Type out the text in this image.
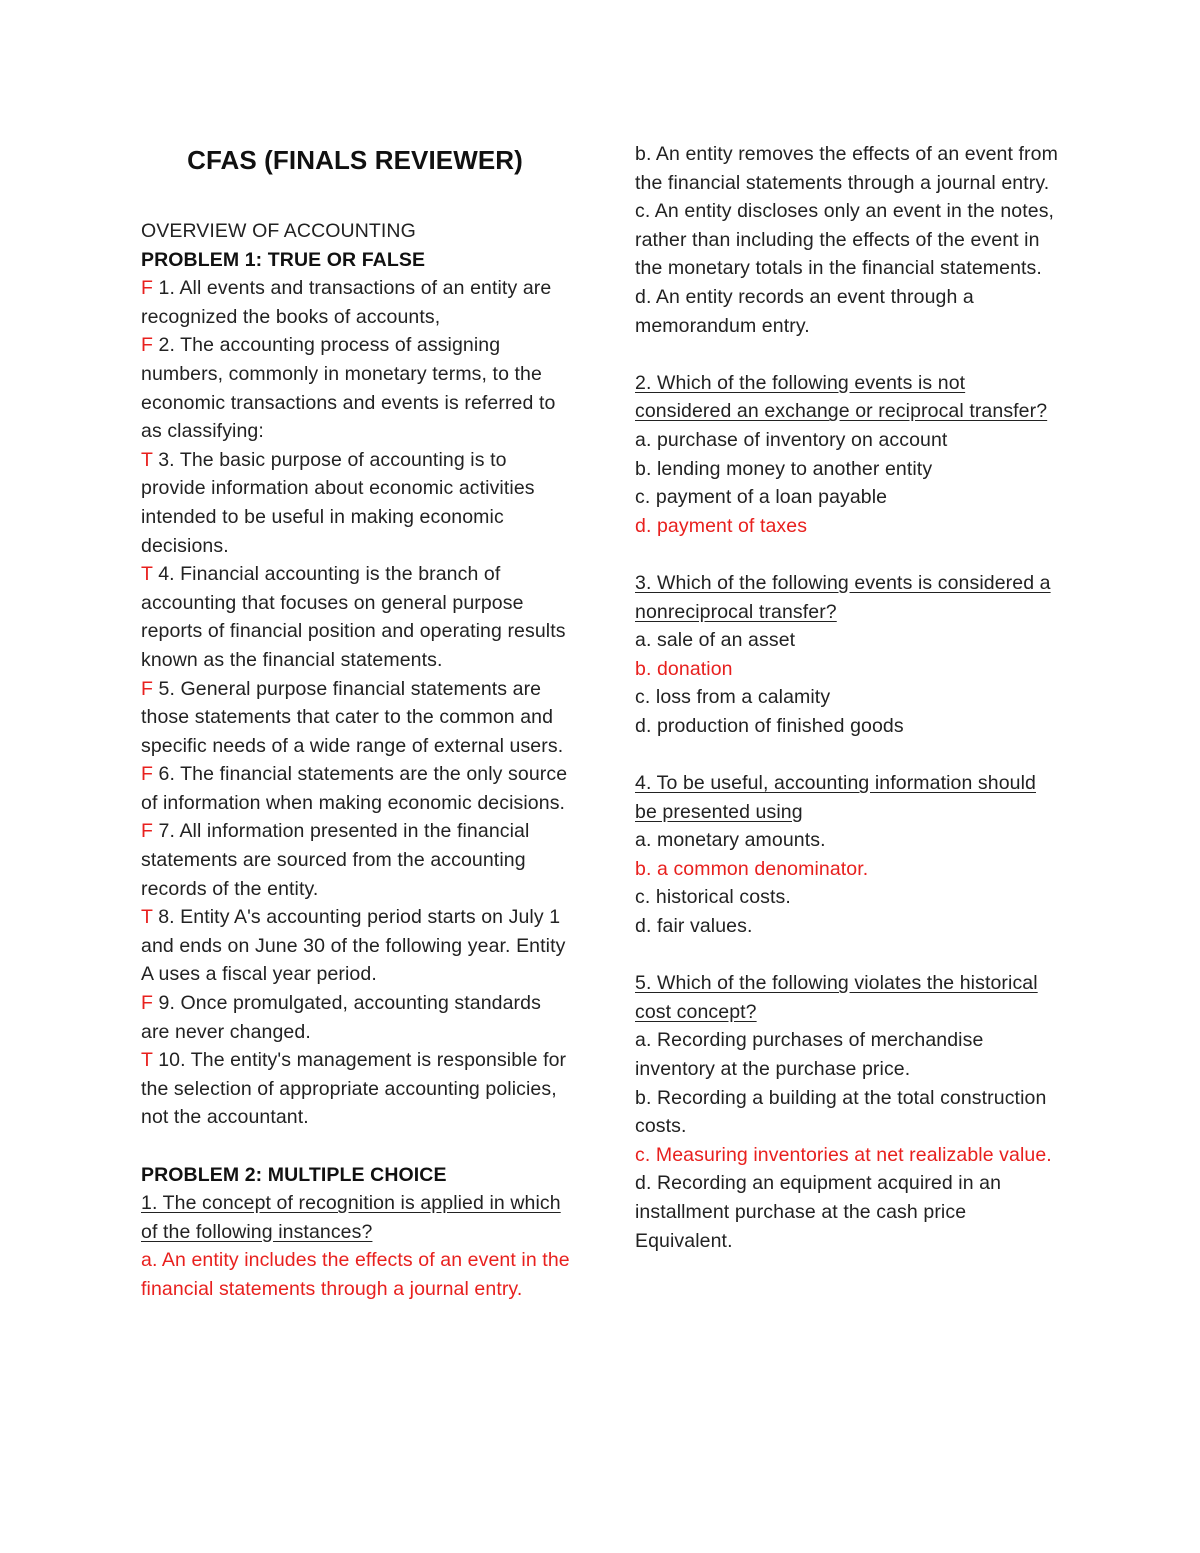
CFAS (FINALS REVIEWER)

OVERVIEW OF ACCOUNTING

PROBLEM 1: TRUE OR FALSE

F 1. All events and transactions of an entity are recognized the books of accounts,

F 2. The accounting process of assigning numbers, commonly in monetary terms, to the economic transactions and events is referred to as classifying:

T 3. The basic purpose of accounting is to provide information about economic activities intended to be useful in making economic decisions.

T 4. Financial accounting is the branch of accounting that focuses on general purpose reports of financial position and operating results known as the financial statements.

F 5. General purpose financial statements are those statements that cater to the common and specific needs of a wide range of external users.

F 6. The financial statements are the only source of information when making economic decisions.

F 7. All information presented in the financial statements are sourced from the accounting records of the entity.

T 8. Entity A's accounting period starts on July 1 and ends on June 30 of the following year. Entity A uses a fiscal year period.

F 9. Once promulgated, accounting standards are never changed.

T 10. The entity's management is responsible for the selection of appropriate accounting policies, not the accountant.

PROBLEM 2: MULTIPLE CHOICE

1. The concept of recognition is applied in which of the following instances?

a. An entity includes the effects of an event in the financial statements through a journal entry.

b. An entity removes the effects of an event from the financial statements through a journal entry.

c. An entity discloses only an event in the notes, rather than including the effects of the event in the monetary totals in the financial statements.

d. An entity records an event through a memorandum entry.

2. Which of the following events is not considered an exchange or reciprocal transfer?

a. purchase of inventory on account

b. lending money to another entity

c. payment of a loan payable

d. payment of taxes

3. Which of the following events is considered a nonreciprocal transfer?

a. sale of an asset

b. donation

c. loss from a calamity

d. production of finished goods

4. To be useful, accounting information should be presented using

a. monetary amounts.

b. a common denominator.

c. historical costs.

d. fair values.

5. Which of the following violates the historical cost concept?

a. Recording purchases of merchandise inventory at the purchase price.

b. Recording a building at the total construction

costs.

c. Measuring inventories at net realizable value.

d. Recording an equipment acquired in an installment purchase at the cash price Equivalent.
